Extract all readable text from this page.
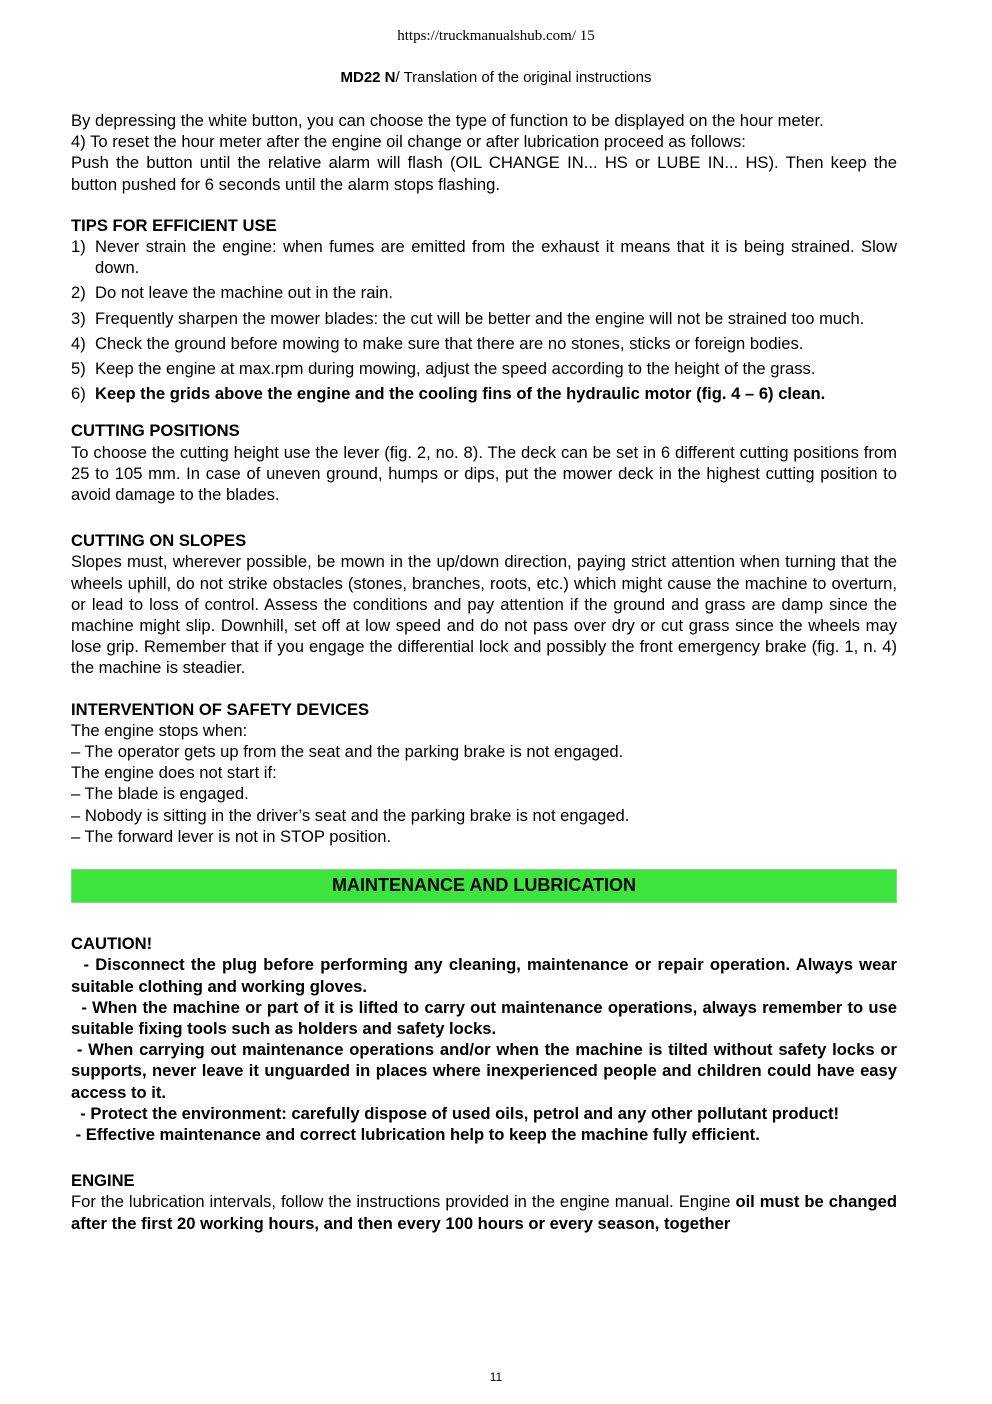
https://truckmanualshub.com/ 15
MD22 N/ Translation of the original instructions

By depressing the white button, you can choose the type of function to be displayed on the hour meter.

4) To reset the hour meter after the engine oil change or after lubrication proceed as follows:

Push the button until the relative alarm will flash (OIL CHANGE IN... HS or LUBE IN... HS). Then keep the button pushed for 6 seconds until the alarm stops flashing.

TIPS FOR EFFICIENT USE

1) Never strain the engine: when fumes are emitted from the exhaust it means that it is being strained. Slow down.
2) Do not leave the machine out in the rain.
3) Frequently sharpen the mower blades: the cut will be better and the engine will not be strained too much.
4) Check the ground before mowing to make sure that there are no stones, sticks or foreign bodies.
5) Keep the engine at max.rpm during mowing, adjust the speed according to the height of the grass.
6) Keep the grids above the engine and the cooling fins of the hydraulic motor (fig. 4 – 6) clean.

CUTTING POSITIONS

To choose the cutting height use the lever (fig. 2, no. 8). The deck can be set in 6 different cutting positions from 25 to 105 mm. In case of uneven ground, humps or dips, put the mower deck in the highest cutting position to avoid damage to the blades.

CUTTING ON SLOPES

Slopes must, wherever possible, be mown in the up/down direction, paying strict attention when turning that the wheels uphill, do not strike obstacles (stones, branches, roots, etc.) which might cause the machine to overturn, or lead to loss of control. Assess the conditions and pay attention if the ground and grass are damp since the machine might slip. Downhill, set off at low speed and do not pass over dry or cut grass since the wheels may lose grip. Remember that if you engage the differential lock and possibly the front emergency brake (fig. 1, n. 4) the machine is steadier.

INTERVENTION OF SAFETY DEVICES

The engine stops when:

– The operator gets up from the seat and the parking brake is not engaged.

The engine does not start if:

– The blade is engaged.

– Nobody is sitting in the driver’s seat and the parking brake is not engaged.

– The forward lever is not in STOP position.

MAINTENANCE AND LUBRICATION

CAUTION!

- Disconnect the plug before performing any cleaning, maintenance or repair operation. Always wear suitable clothing and working gloves.

- When the machine or part of it is lifted to carry out maintenance operations, always remember to use suitable fixing tools such as holders and safety locks.

- When carrying out maintenance operations and/or when the machine is tilted without safety locks or supports, never leave it unguarded in places where inexperienced people and children could have easy access to it.

- Protect the environment: carefully dispose of used oils, petrol and any other pollutant product!

- Effective maintenance and correct lubrication help to keep the machine fully efficient.

ENGINE

For the lubrication intervals, follow the instructions provided in the engine manual. Engine oil must be changed after the first 20 working hours, and then every 100 hours or every season, together

11
